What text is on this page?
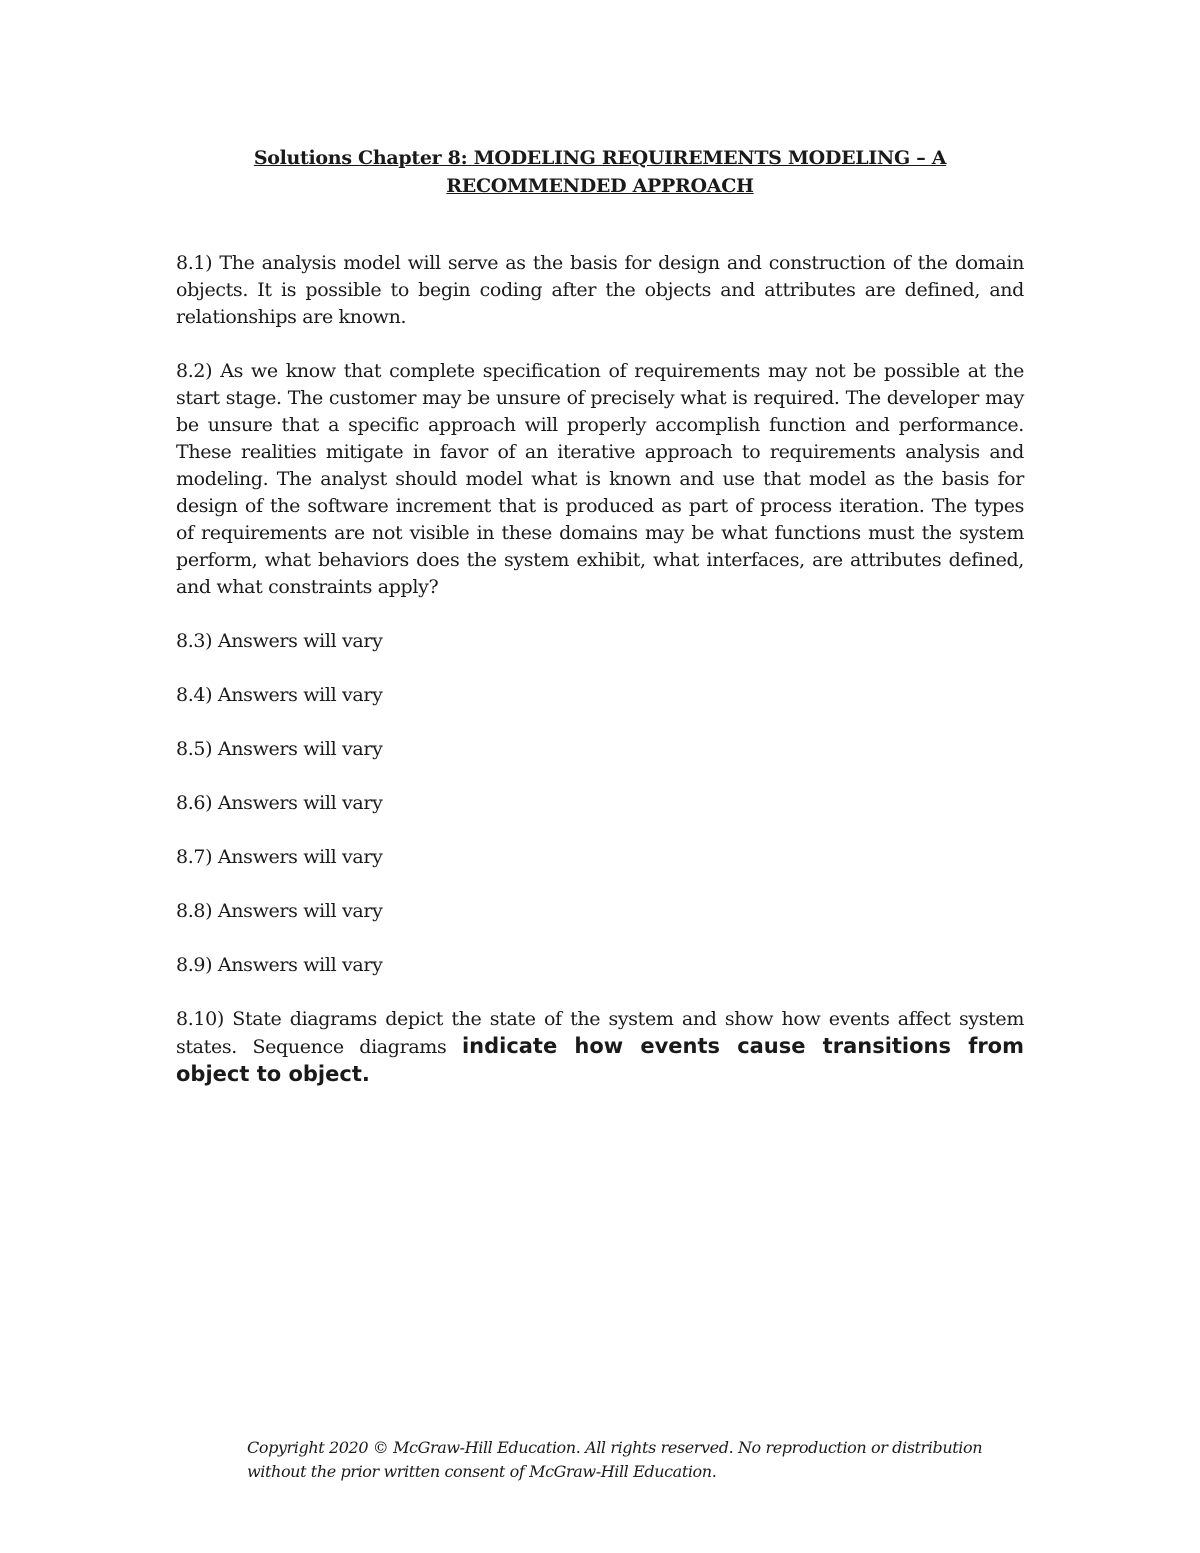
Solutions Chapter 8: MODELING REQUIREMENTS MODELING – A
RECOMMENDED APPROACH

8.1) The analysis model will serve as the basis for design and construction of the domain objects. It is possible to begin coding after the objects and attributes are defined, and relationships are known.

8.2) As we know that complete specification of requirements may not be possible at the start stage. The customer may be unsure of precisely what is required. The developer may be unsure that a specific approach will properly accomplish function and performance. These realities mitigate in favor of an iterative approach to requirements analysis and modeling. The analyst should model what is known and use that model as the basis for design of the software increment that is produced as part of process iteration. The types of requirements are not visible in these domains may be what functions must the system perform, what behaviors does the system exhibit, what interfaces, are attributes defined, and what constraints apply?

8.3) Answers will vary

8.4) Answers will vary

8.5) Answers will vary

8.6) Answers will vary

8.7) Answers will vary

8.8) Answers will vary

8.9) Answers will vary

8.10) State diagrams depict the state of the system and show how events affect system states. Sequence diagrams indicate how events cause transitions from object to object.

Copyright 2020 © McGraw-Hill Education. All rights reserved. No reproduction or distribution
without the prior written consent of McGraw-Hill Education.
